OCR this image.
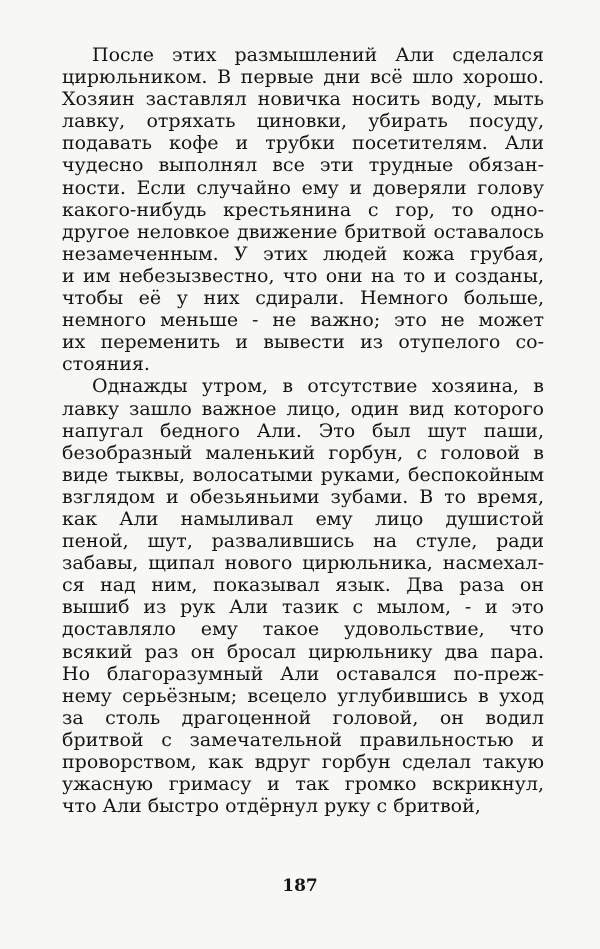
После этих размышлений Али сделался
цирюльником. В первые дни всё шло хорошо.
Хозяин заставлял новичка носить воду, мыть
лавку, отряхать циновки, убирать посуду,
подавать кофе и трубки посетителям. Али
чудесно выполнял все эти трудные обязан-
ности. Если случайно ему и доверяли голову
какого-нибудь крестьянина с гор, то одно-
другое неловкое движение бритвой оставалось
незамеченным. У этих людей кожа грубая,
и им небезызвестно, что они на то и созданы,
чтобы её у них сдирали. Немного больше,
немного меньше - не важно; это не может
их переменить и вывести из отупелого со-
стояния.
Однажды утром, в отсутствие хозяина, в
лавку зашло важное лицо, один вид которого
напугал бедного Али. Это был шут паши,
безобразный маленький горбун, с головой в
виде тыквы, волосатыми руками, беспокойным
взглядом и обезьяньими зубами. В то время,
как Али намыливал ему лицо душистой
пеной, шут, развалившись на стуле, ради
забавы, щипал нового цирюльника, насмехал-
ся над ним, показывал язык. Два раза он
вышиб из рук Али тазик с мылом, - и это
доставляло ему такое удовольствие, что
всякий раз он бросал цирюльнику два пара.
Но благоразумный Али оставался по-преж-
нему серьёзным; всецело углубившись в уход
за столь драгоценной головой, он водил
бритвой с замечательной правильностью и
проворством, как вдруг горбун сделал такую
ужасную гримасу и так громко вскрикнул,
что Али быстро отдёрнул руку с бритвой,
187
